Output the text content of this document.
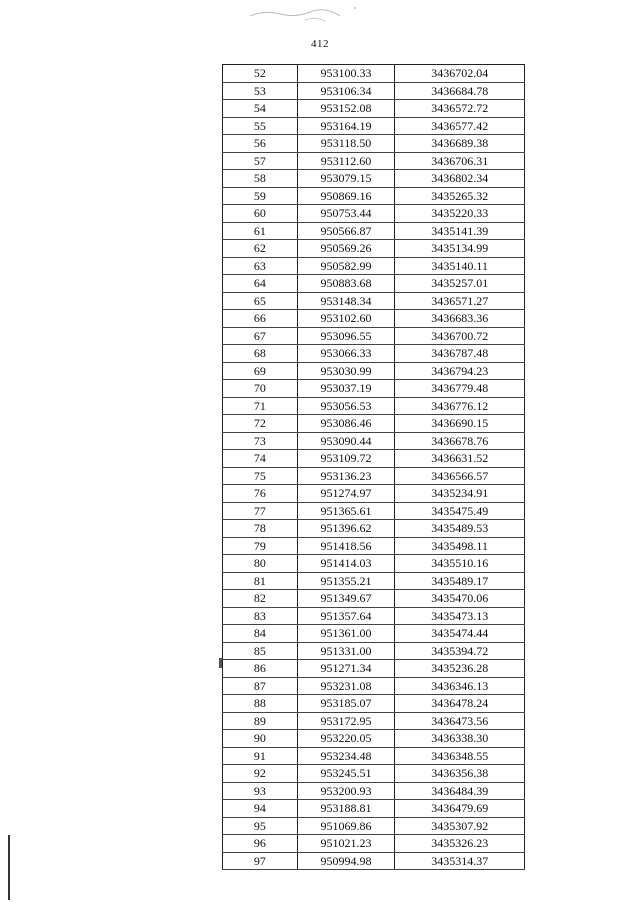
412
52	953100.33	3436702.04
53	953106.34	3436684.78
54	953152.08	3436572.72
55	953164.19	3436577.42
56	953118.50	3436689.38
57	953112.60	3436706.31
58	953079.15	3436802.34
59	950869.16	3435265.32
60	950753.44	3435220.33
61	950566.87	3435141.39
62	950569.26	3435134.99
63	950582.99	3435140.11
64	950883.68	3435257.01
65	953148.34	3436571.27
66	953102.60	3436683.36
67	953096.55	3436700.72
68	953066.33	3436787.48
69	953030.99	3436794.23
70	953037.19	3436779.48
71	953056.53	3436776.12
72	953086.46	3436690.15
73	953090.44	3436678.76
74	953109.72	3436631.52
75	953136.23	3436566.57
76	951274.97	3435234.91
77	951365.61	3435475.49
78	951396.62	3435489.53
79	951418.56	3435498.11
80	951414.03	3435510.16
81	951355.21	3435489.17
82	951349.67	3435470.06
83	951357.64	3435473.13
84	951361.00	3435474.44
85	951331.00	3435394.72
86	951271.34	3435236.28
87	953231.08	3436346.13
88	953185.07	3436478.24
89	953172.95	3436473.56
90	953220.05	3436338.30
91	953234.48	3436348.55
92	953245.51	3436356.38
93	953200.93	3436484.39
94	953188.81	3436479.69
95	951069.86	3435307.92
96	951021.23	3435326.23
97	950994.98	3435314.37
